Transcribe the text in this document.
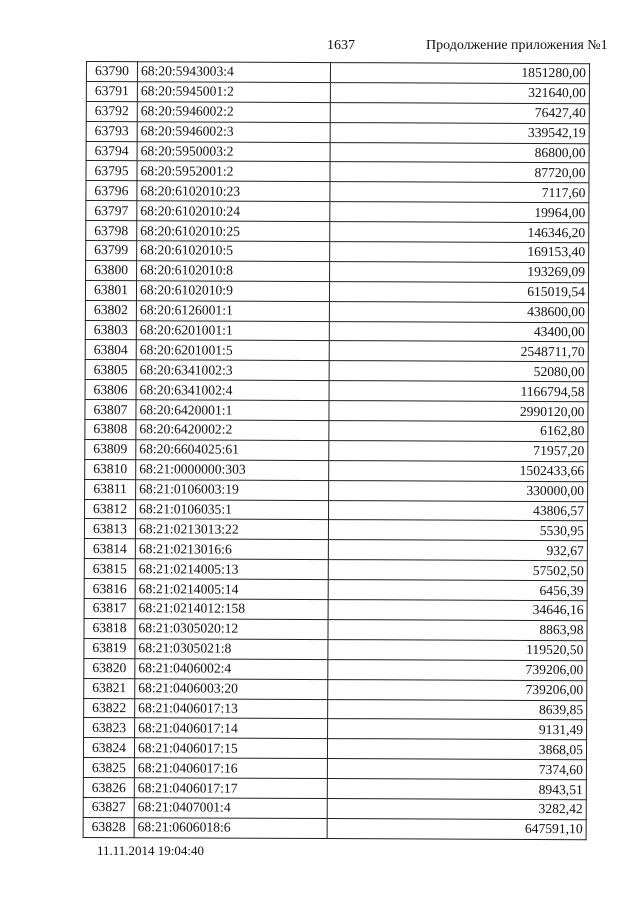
1637	Продолжение приложения №1
63790	68:20:5943003:4	1851280,00
63791	68:20:5945001:2	321640,00
63792	68:20:5946002:2	76427,40
63793	68:20:5946002:3	339542,19
63794	68:20:5950003:2	86800,00
63795	68:20:5952001:2	87720,00
63796	68:20:6102010:23	7117,60
63797	68:20:6102010:24	19964,00
63798	68:20:6102010:25	146346,20
63799	68:20:6102010:5	169153,40
63800	68:20:6102010:8	193269,09
63801	68:20:6102010:9	615019,54
63802	68:20:6126001:1	438600,00
63803	68:20:6201001:1	43400,00
63804	68:20:6201001:5	2548711,70
63805	68:20:6341002:3	52080,00
63806	68:20:6341002:4	1166794,58
63807	68:20:6420001:1	2990120,00
63808	68:20:6420002:2	6162,80
63809	68:20:6604025:61	71957,20
63810	68:21:0000000:303	1502433,66
63811	68:21:0106003:19	330000,00
63812	68:21:0106035:1	43806,57
63813	68:21:0213013:22	5530,95
63814	68:21:0213016:6	932,67
63815	68:21:0214005:13	57502,50
63816	68:21:0214005:14	6456,39
63817	68:21:0214012:158	34646,16
63818	68:21:0305020:12	8863,98
63819	68:21:0305021:8	119520,50
63820	68:21:0406002:4	739206,00
63821	68:21:0406003:20	739206,00
63822	68:21:0406017:13	8639,85
63823	68:21:0406017:14	9131,49
63824	68:21:0406017:15	3868,05
63825	68:21:0406017:16	7374,60
63826	68:21:0406017:17	8943,51
63827	68:21:0407001:4	3282,42
63828	68:21:0606018:6	647591,10
11.11.2014 19:04:40
